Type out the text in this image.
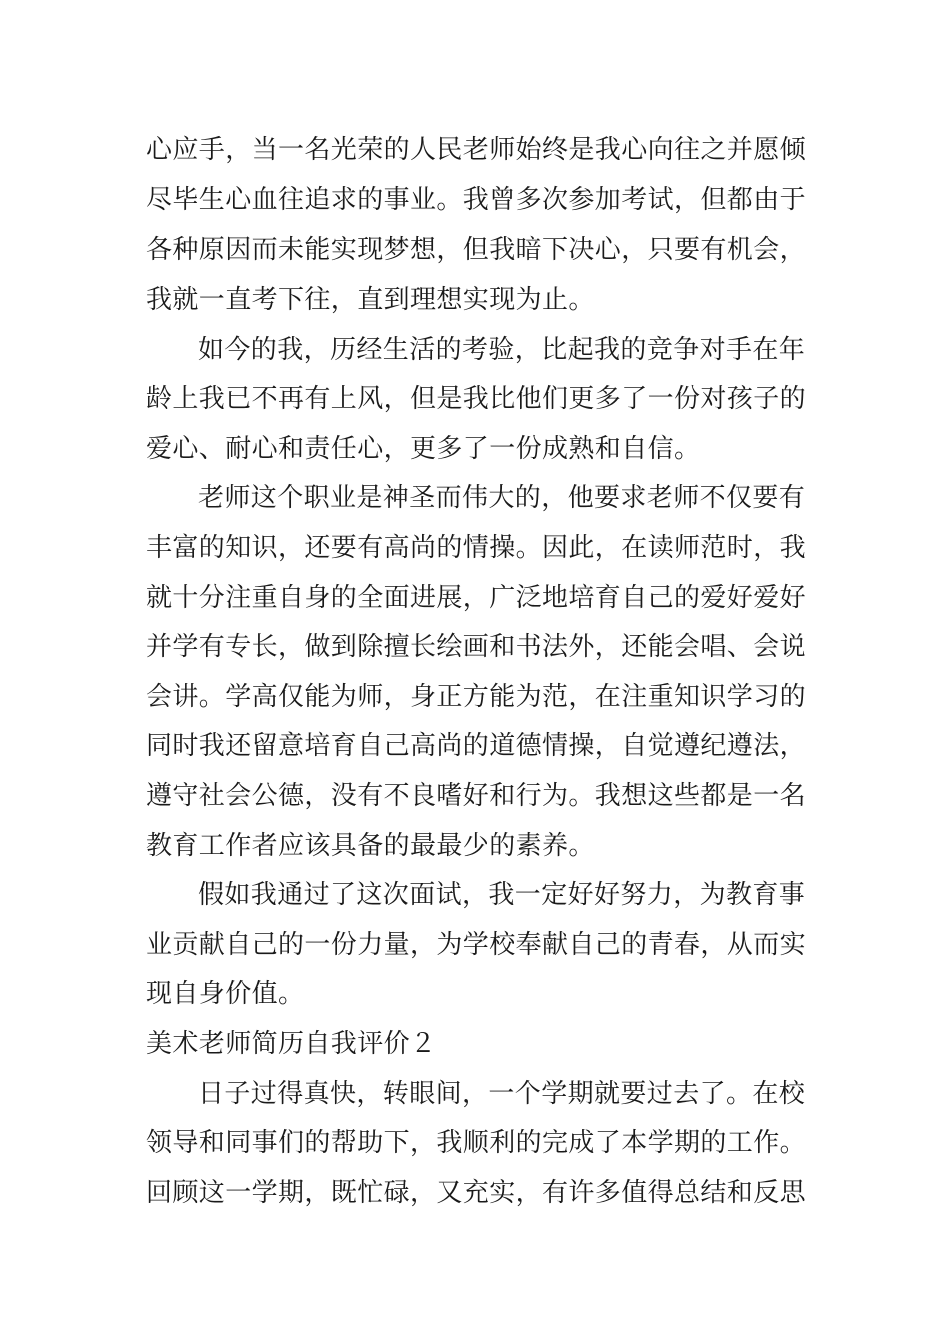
心应手，当一名光荣的人民老师始终是我心向往之并愿倾
尽毕生心血往追求的事业。我曾多次参加考试，但都由于
各种原因而未能实现梦想，但我暗下决心，只要有机会，
我就一直考下往，直到理想实现为止。
如今的我，历经生活的考验，比起我的竞争对手在年
龄上我已不再有上风，但是我比他们更多了一份对孩子的
爱心、耐心和责任心，更多了一份成熟和自信。
老师这个职业是神圣而伟大的，他要求老师不仅要有
丰富的知识，还要有高尚的情操。因此，在读师范时，我
就十分注重自身的全面进展，广泛地培育自己的爱好爱好
并学有专长，做到除擅长绘画和书法外，还能会唱、会说
会讲。学高仅能为师，身正方能为范，在注重知识学习的
同时我还留意培育自己高尚的道德情操，自觉遵纪遵法，
遵守社会公德，没有不良嗜好和行为。我想这些都是一名
教育工作者应该具备的最最少的素养。
假如我通过了这次面试，我一定好好努力，为教育事
业贡献自己的一份力量，为学校奉献自己的青春，从而实
现自身价值。
美术老师简历自我评价２
日子过得真快，转眼间，一个学期就要过去了。在校
领导和同事们的帮助下，我顺利的完成了本学期的工作。
回顾这一学期，既忙碌，又充实，有许多值得总结和反思
